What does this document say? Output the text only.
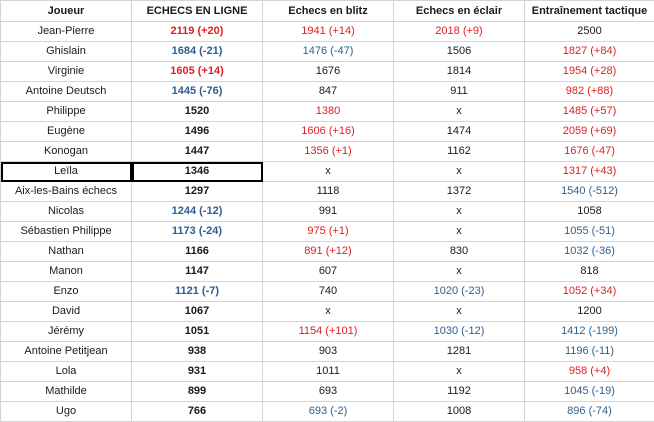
Joueur	ECHECS EN LIGNE	Echecs en blitz	Echecs en éclair	Entraînement tactique
Jean-Pierre	2119 (+20)	1941 (+14)	2018 (+9)	2500
Ghislain	1684 (-21)	1476 (-47)	1506	1827 (+84)
Virginie	1605 (+14)	1676	1814	1954 (+28)
Antoine Deutsch	1445 (-76)	847	911	982 (+88)
Philippe	1520	1380	x	1485 (+57)
Eugène	1496	1606 (+16)	1474	2059 (+69)
Konogan	1447	1356 (+1)	1162	1676 (-47)
Leïla	1346	x	x	1317 (+43)
Aix-les-Bains échecs	1297	1118	1372	1540 (-512)
Nicolas	1244 (-12)	991	x	1058
Sébastien Philippe	1173 (-24)	975 (+1)	x	1055 (-51)
Nathan	1166	891 (+12)	830	1032 (-36)
Manon	1147	607	x	818
Enzo	1121 (-7)	740	1020 (-23)	1052 (+34)
David	1067	x	x	1200
Jérémy	1051	1154 (+101)	1030 (-12)	1412 (-199)
Antoine Petitjean	938	903	1281	1196 (-11)
Lola	931	1011	x	958 (+4)
Mathilde	899	693	1192	1045 (-19)
Ugo	766	693 (-2)	1008	896 (-74)
